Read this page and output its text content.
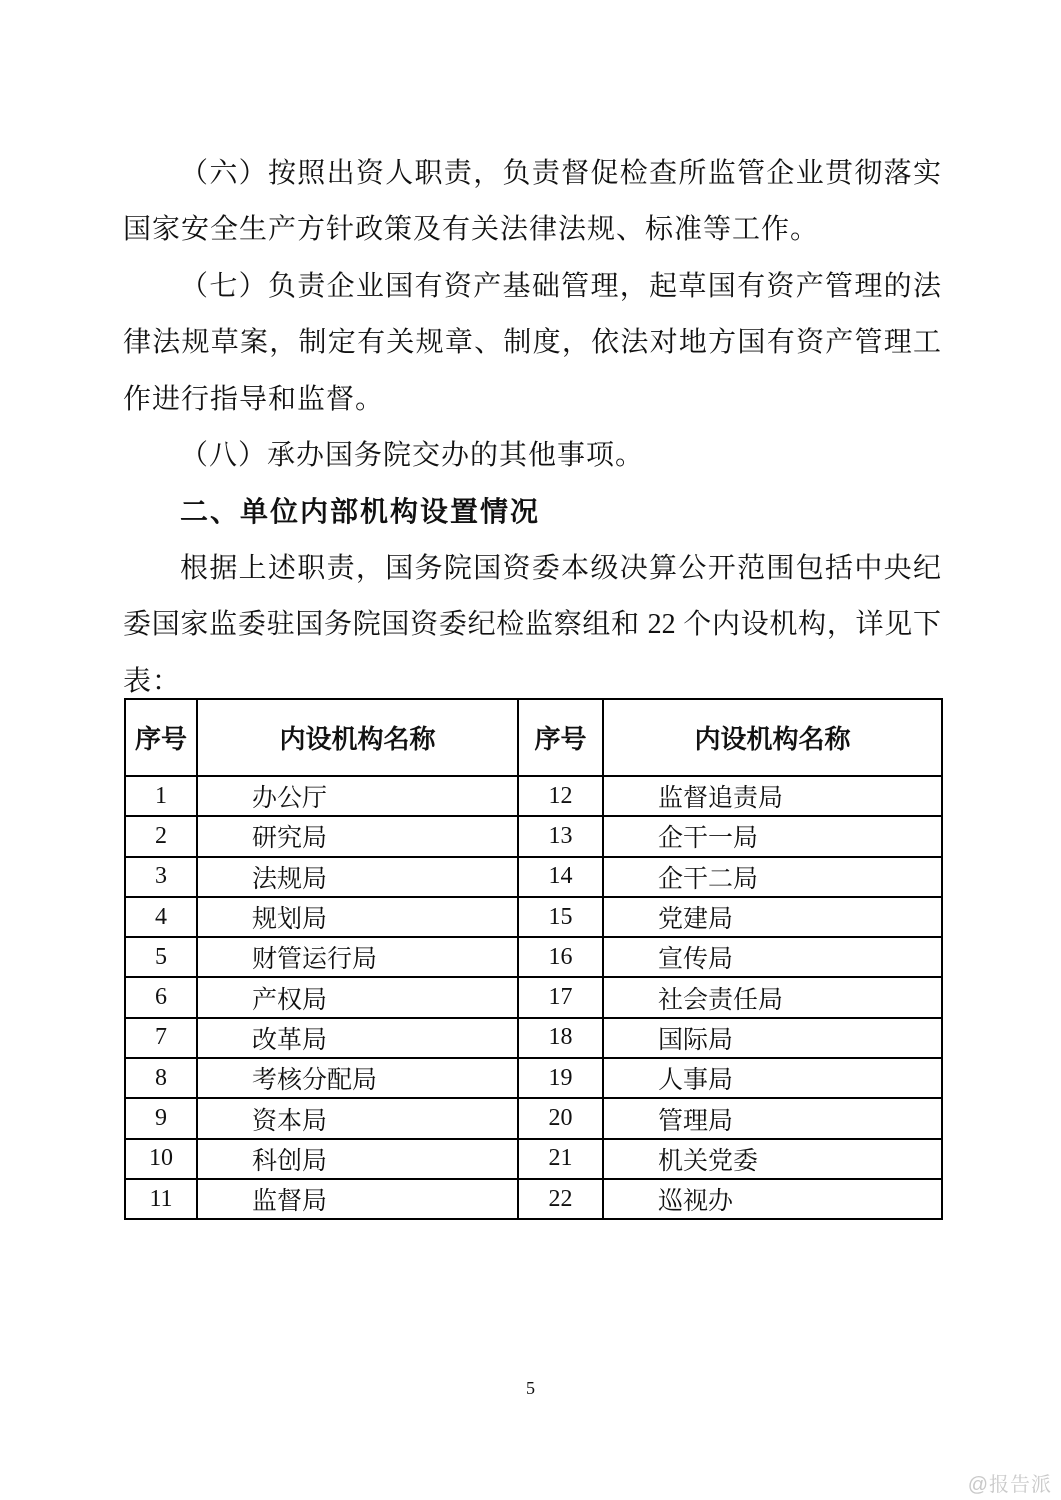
（六）按照出资人职责，负责督促检查所监管企业贯彻落实
国家安全生产方针政策及有关法律法规、标准等工作。
（七）负责企业国有资产基础管理，起草国有资产管理的法
律法规草案，制定有关规章、制度，依法对地方国有资产管理工
作进行指导和监督。
（八）承办国务院交办的其他事项。
二、单位内部机构设置情况
根据上述职责，国务院国资委本级决算公开范围包括中央纪
委国家监委驻国务院国资委纪检监察组和 22 个内设机构，详见下
表：
序号	内设机构名称	序号	内设机构名称
1	办公厅	12	监督追责局
2	研究局	13	企干一局
3	法规局	14	企干二局
4	规划局	15	党建局
5	财管运行局	16	宣传局
6	产权局	17	社会责任局
7	改革局	18	国际局
8	考核分配局	19	人事局
9	资本局	20	管理局
10	科创局	21	机关党委
11	监督局	22	巡视办
5
@报告派
